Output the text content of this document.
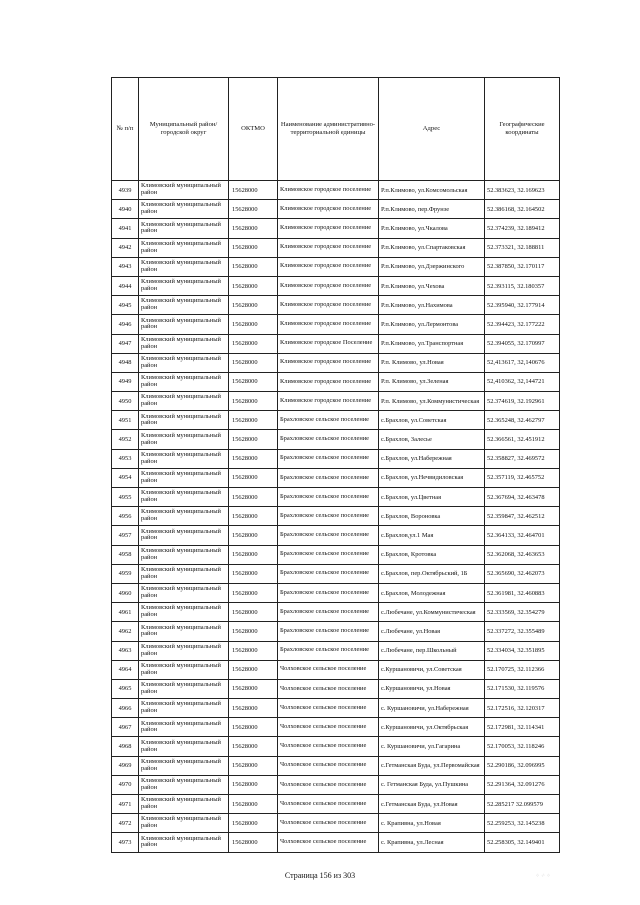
№ п/п	Муниципальный район/городской округ	ОКТМО	Наименование административно-территориальной единицы	Адрес	Географические координаты
4939	Климовский муниципальный район	15628000	Климовское городское поселение	Р.п.Климово, ул.Комсомольская	52.383623, 32.169623
4940	Климовский муниципальный район	15628000	Климовское городское поселение	Р.п.Климово, пер.Фрунзе	52.386168, 32.164502
4941	Климовский муниципальный район	15628000	Климовское городское поселение	Р.п.Климово, ул.Чкалова	52.374239, 32.189412
4942	Климовский муниципальный район	15628000	Климовское городское поселение	Р.п.Климово, ул.Спартаковская	52.373321, 32.188811
4943	Климовский муниципальный район	15628000	Климовское городское поселение	Р.п.Климово, ул.Дзержинского	52.387850, 32.170117
4944	Климовский муниципальный район	15628000	Климовское городское поселение	Р.п.Климово, ул.Чехова	52.393115, 32.180357
4945	Климовский муниципальный район	15628000	Климовское городское поселение	Р.п.Климово, ул.Нахимова	52.395940, 32.177914
4946	Климовский муниципальный район	15628000	Климовское городское поселение	Р.п.Климово, ул.Лермонтова	52.394423, 32.177222
4947	Климовский муниципальный район	15628000	Климовское городское Поселение	Р.п.Климово, ул.Транспортная	52.394055, 32.170997
4948	Климовский муниципальный район	15628000	Климовское городское поселение	Р.п. Климово, ул.Новая	52,413617, 32,140676
4949	Климовский муниципальный район	15628000	Климовское городское поселение	Р.п. Климово, ул.Зеленая	52,410362, 32,144721
4950	Климовский муниципальный район	15628000	Климовское городское поселение	Р.п. Климово, ул.Коммунистическая	52.374619, 32.192961
4951	Климовский муниципальный район	15628000	Брахловское сельское поселение	с.Брахлов, ул.Советская	52.365248, 32.462797
4952	Климовский муниципальный район	15628000	Брахловское сельское поселение	с.Брахлов, Залесье	52.366561, 32.451912
4953	Климовский муниципальный район	15628000	Брахловское сельское поселение	с.Брахлов, ул.Набережная	52.358827, 32.469572
4954	Климовский муниципальный район	15628000	Брахловское сельское поселение	с.Брахлов, ул.Нечвидиловская	52.357119, 32.465752
4955	Климовский муниципальный район	15628000	Брахловское сельское поселение	с.Брахлов, ул.Цветная	52.367694, 32.463478
4956	Климовский муниципальный район	15628000	Брахловское сельское поселение	с.Брахлов, Вороновка	52.359847, 32.462512
4957	Климовский муниципальный район	15628000	Брахловское сельское поселение	с.Брахлов,ул.1 Мая	52.364133, 32.464701
4958	Климовский муниципальный район	15628000	Брахловское сельское поселение	с.Брахлов, Кротовка	52.362068, 32.463653
4959	Климовский муниципальный район	15628000	Брахловское сельское поселение	с.Брахлов, пер.Октябрьский, 1Б	52.365690, 32.462073
4960	Климовский муниципальный район	15628000	Брахловское сельское поселение	с.Брахлов, Молодежная	52.361981, 32.460883
4961	Климовский муниципальный район	15628000	Брахловское сельское поселение	с.Любечане, ул.Коммунистическая	52.333569, 32.354279
4962	Климовский муниципальный район	15628000	Брахловское сельское поселение	с.Любечане, ул.Новая	52.337272, 32.355489
4963	Климовский муниципальный район	15628000	Брахловское сельское поселение	с.Любечане, пер.Школьный	52.334034, 32.351895
4964	Климовский муниципальный район	15628000	Чолховское сельское поселение	с.Куршановичи, ул.Советская	52.170725, 32.112366
4965	Климовский муниципальный район	15628000	Чолховское сельское поселение	с.Куршановичи, ул.Новая	52.171530, 32.119576
4966	Климовский муниципальный район	15628000	Чолховское сельское поселение	с. Куршановичи, ул.Набережная	52.172516, 32.120317
4967	Климовский муниципальный район	15628000	Чолховское сельское поселение	с.Куршановичи, ул.Октябрьская	52.172981, 32.114341
4968	Климовский муниципальный район	15628000	Чолховское сельское поселение	с. Куршановичи, ул.Гагарина	52.170053, 32.118246
4969	Климовский муниципальный район	15628000	Чолховское сельское поселение	с.Гетманская Буда, ул.Первомайская	52.290186, 32.096995
4970	Климовский муниципальный район	15628000	Чолховское сельское поселение	с. Гетманская Буда, ул.Пушкина	52.291364, 32.091276
4971	Климовский муниципальный район	15628000	Чолховское сельское поселение	с.Гетманская Буда, ул.Новая	52.285217 32.099579
4972	Климовский муниципальный район	15628000	Чолховское сельское поселение	с. Крапивна, ул.Новая	52.259253, 32.145238
4973	Климовский муниципальный район	15628000	Чолховское сельское поселение	с. Крапивна, ул.Лесная	52.258305, 32.149401
Страница 156 из 303	⁘ ⁘ ⁘
